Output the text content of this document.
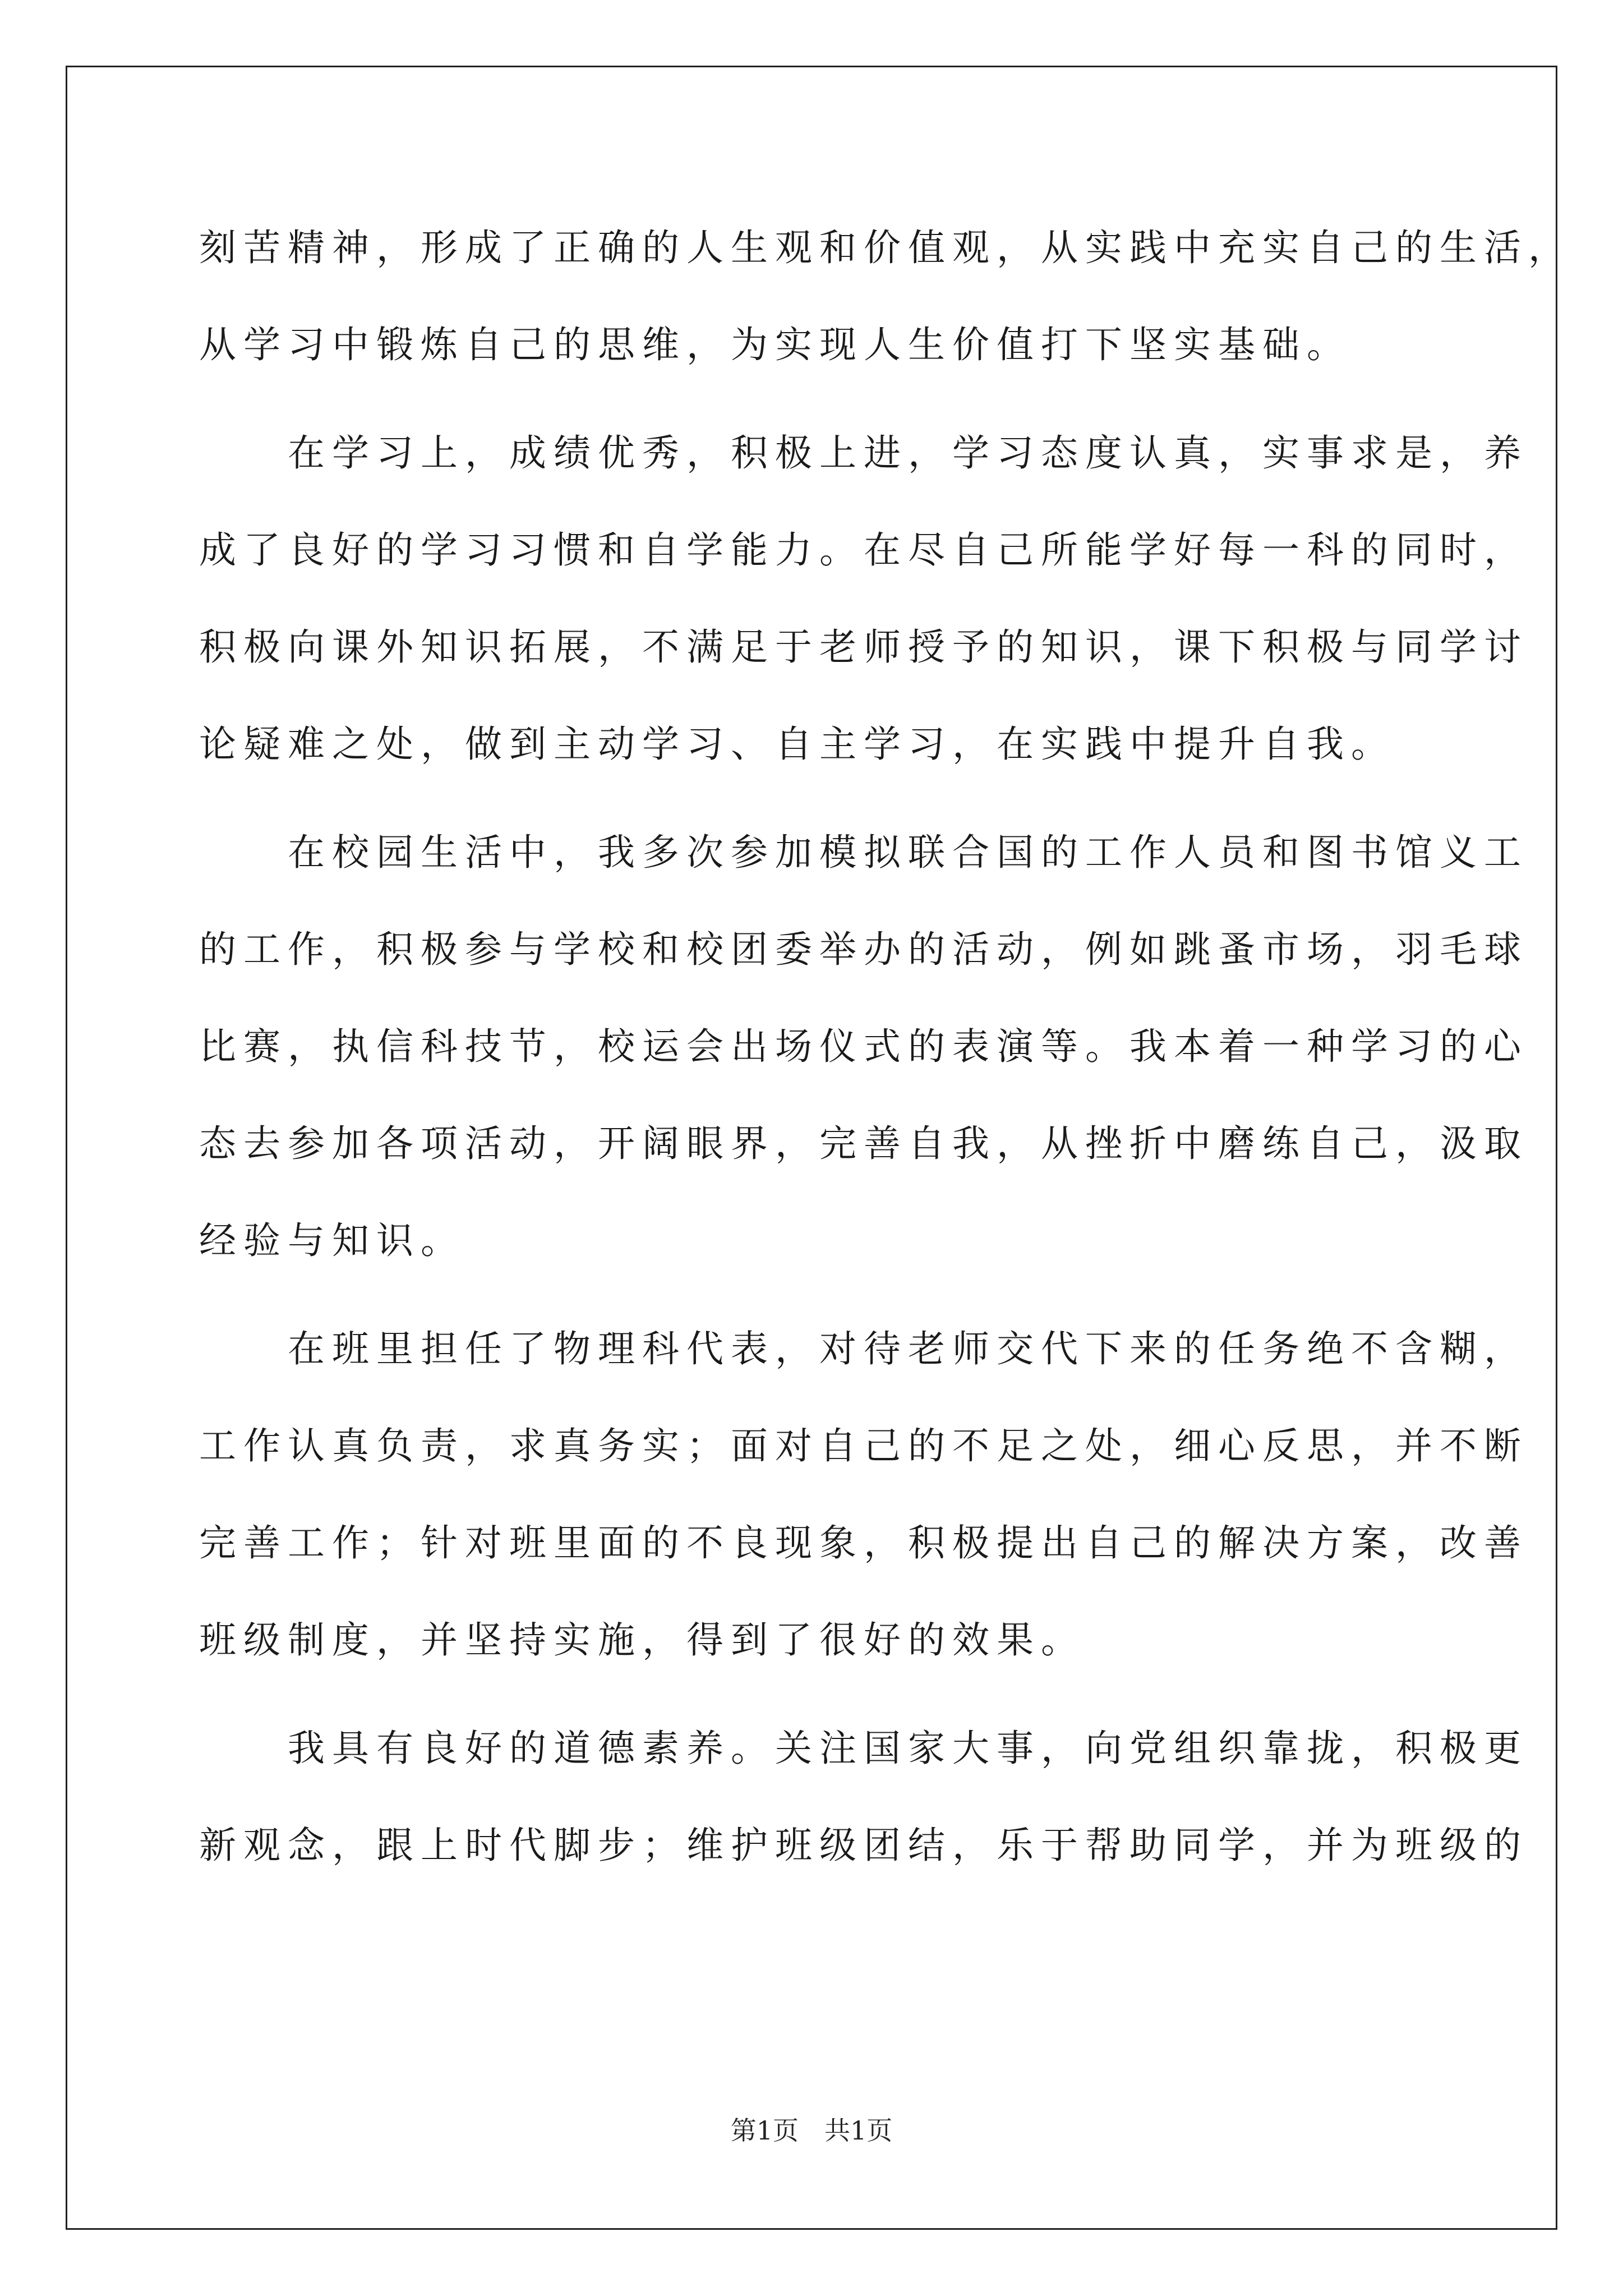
刻苦精神，形成了正确的人生观和价值观，从实践中充实自己的生活，

从学习中锻炼自己的思维，为实现人生价值打下坚实基础。

　　在学习上，成绩优秀，积极上进，学习态度认真，实事求是，养

成了良好的学习习惯和自学能力。在尽自己所能学好每一科的同时，

积极向课外知识拓展，不满足于老师授予的知识，课下积极与同学讨

论疑难之处，做到主动学习、自主学习，在实践中提升自我。

　　在校园生活中，我多次参加模拟联合国的工作人员和图书馆义工

的工作，积极参与学校和校团委举办的活动，例如跳蚤市场，羽毛球

比赛，执信科技节，校运会出场仪式的表演等。我本着一种学习的心

态去参加各项活动，开阔眼界，完善自我，从挫折中磨练自己，汲取

经验与知识。

　　在班里担任了物理科代表，对待老师交代下来的任务绝不含糊，

工作认真负责，求真务实；面对自己的不足之处，细心反思，并不断

完善工作；针对班里面的不良现象，积极提出自己的解决方案，改善

班级制度，并坚持实施，得到了很好的效果。

　　我具有良好的道德素养。关注国家大事，向党组织靠拢，积极更

新观念，跟上时代脚步；维护班级团结，乐于帮助同学，并为班级的

第1页　共1页
